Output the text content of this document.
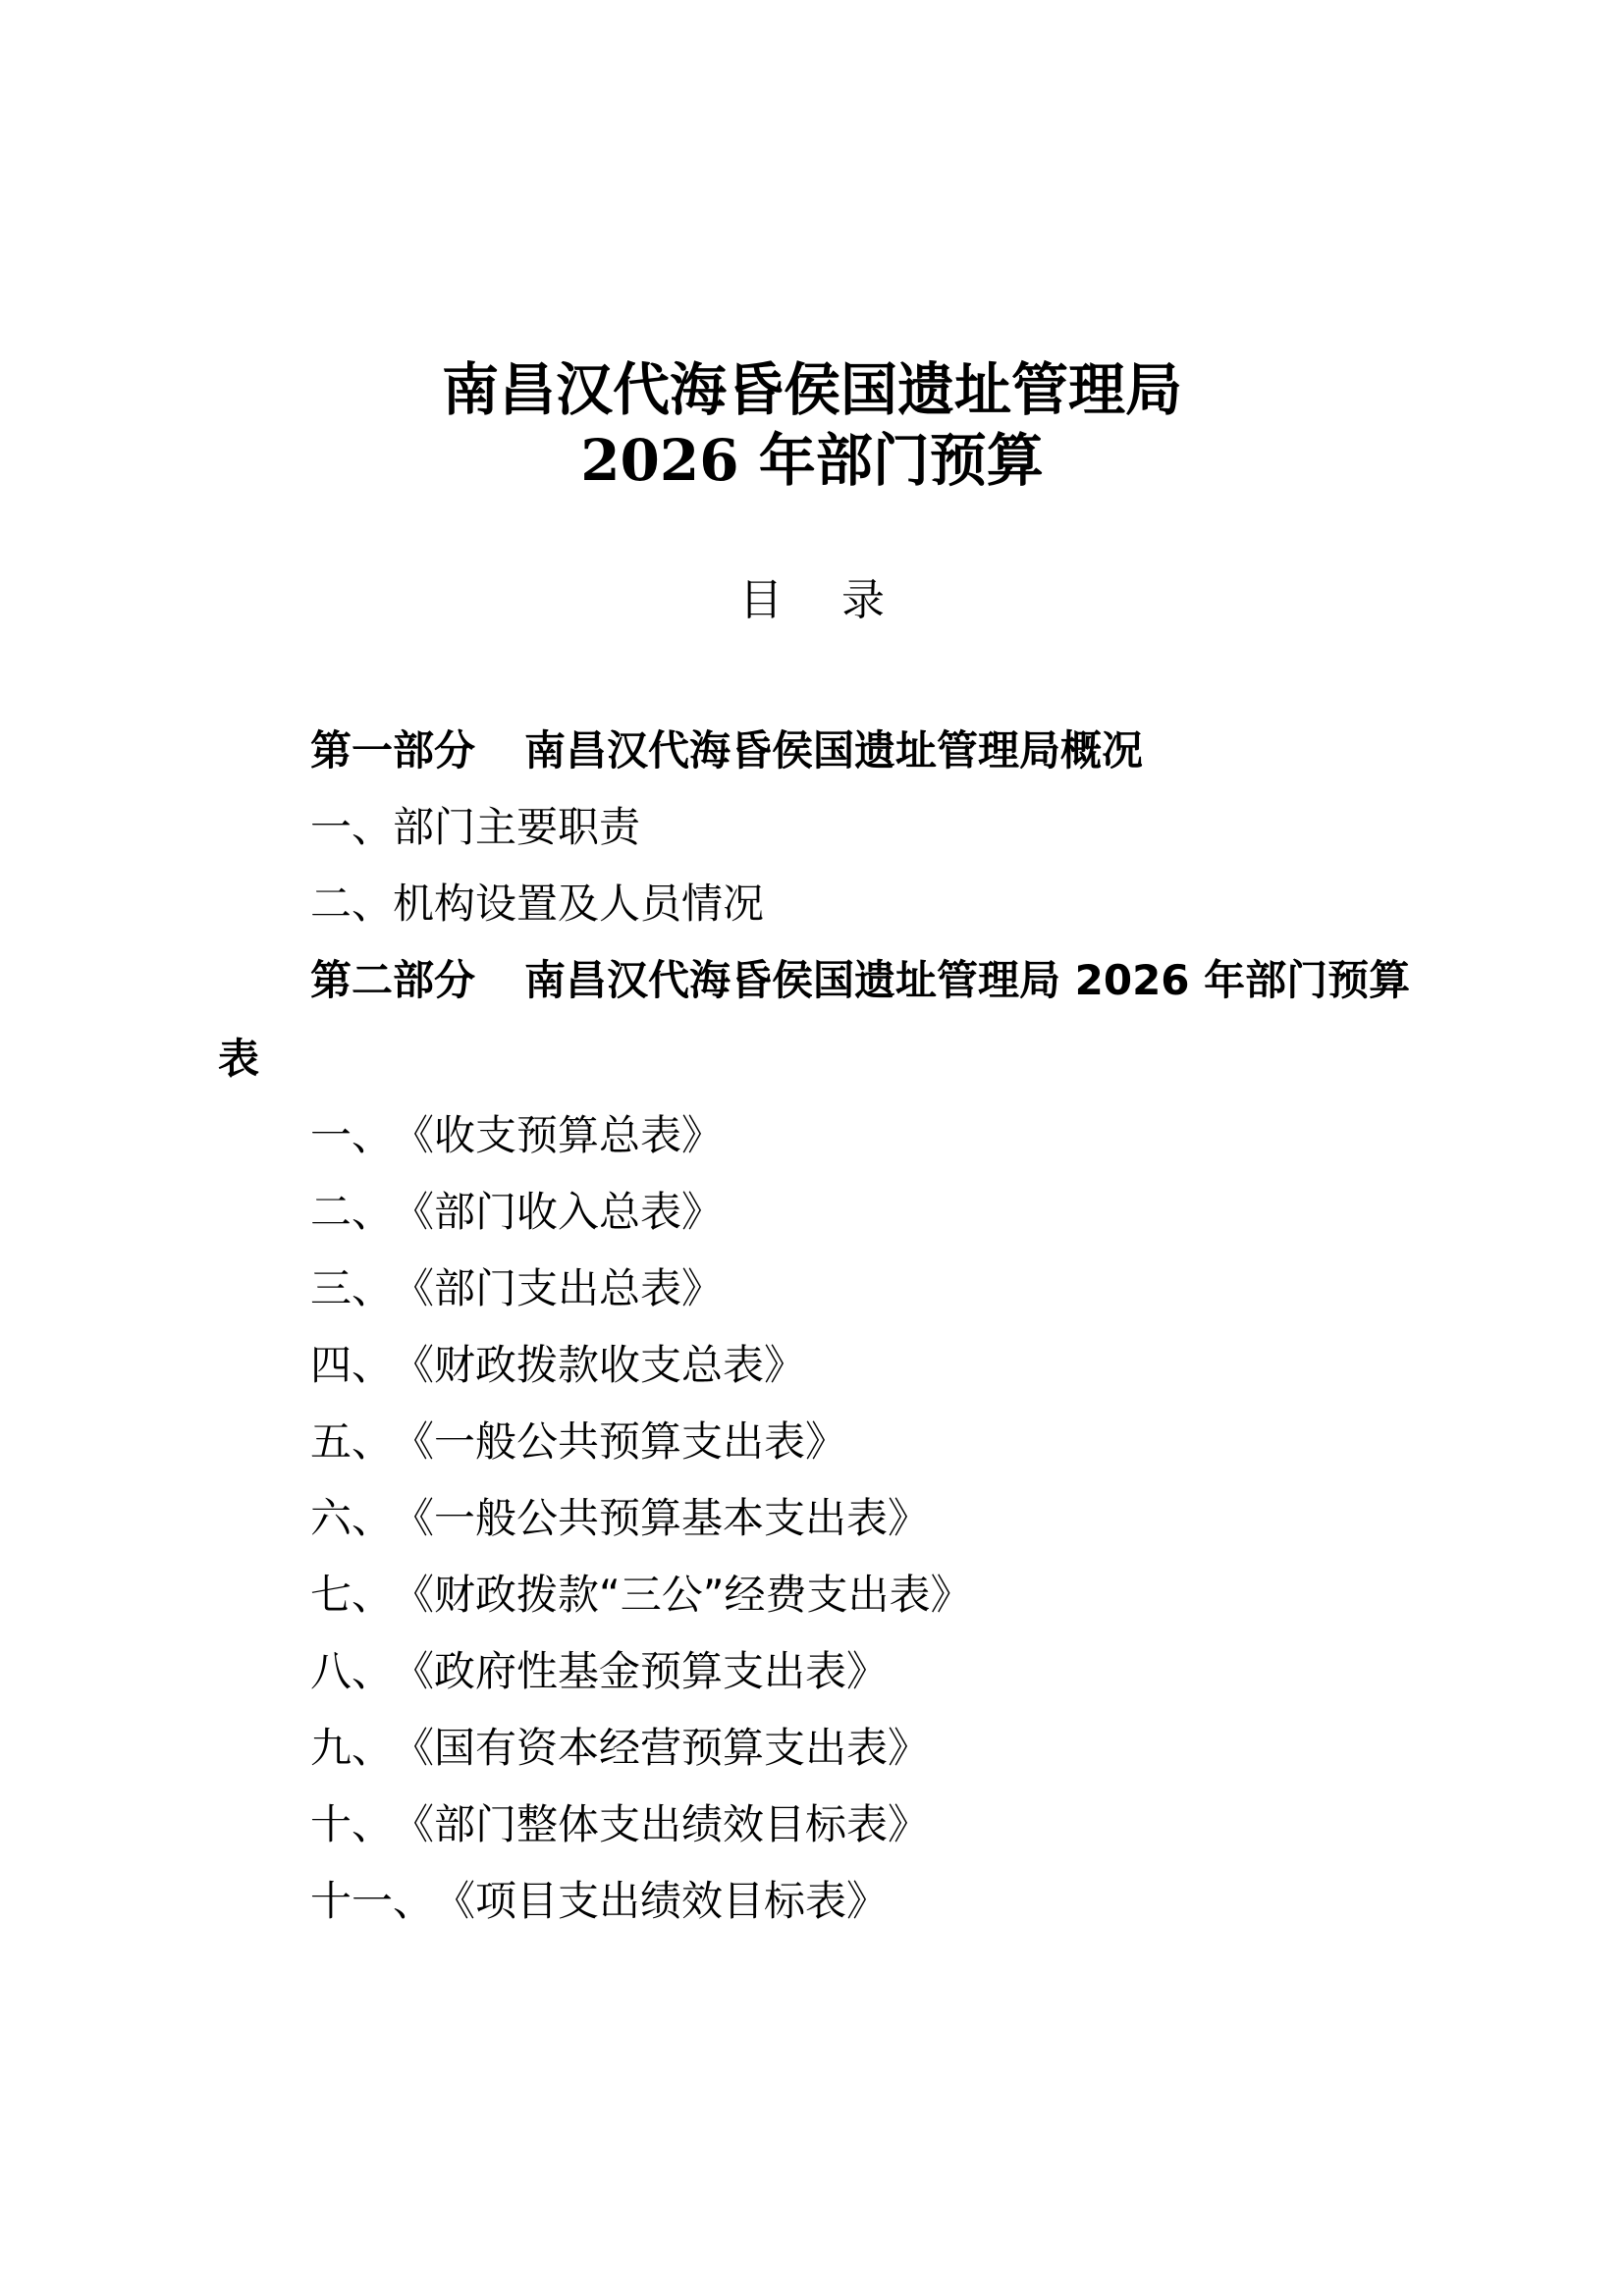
南昌汉代海昏侯国遗址管理局
2026 年部门预算
目录
第一部分 南昌汉代海昏侯国遗址管理局概况
一、部门主要职责
二、机构设置及人员情况
第二部分 南昌汉代海昏侯国遗址管理局 2026 年部门预算
表
一、《收支预算总表》
二、《部门收入总表》
三、《部门支出总表》
四、《财政拨款收支总表》
五、《一般公共预算支出表》
六、《一般公共预算基本支出表》
七、《财政拨款“三公”经费支出表》
八、《政府性基金预算支出表》
九、《国有资本经营预算支出表》
十、《部门整体支出绩效目标表》
十一、《项目支出绩效目标表》
